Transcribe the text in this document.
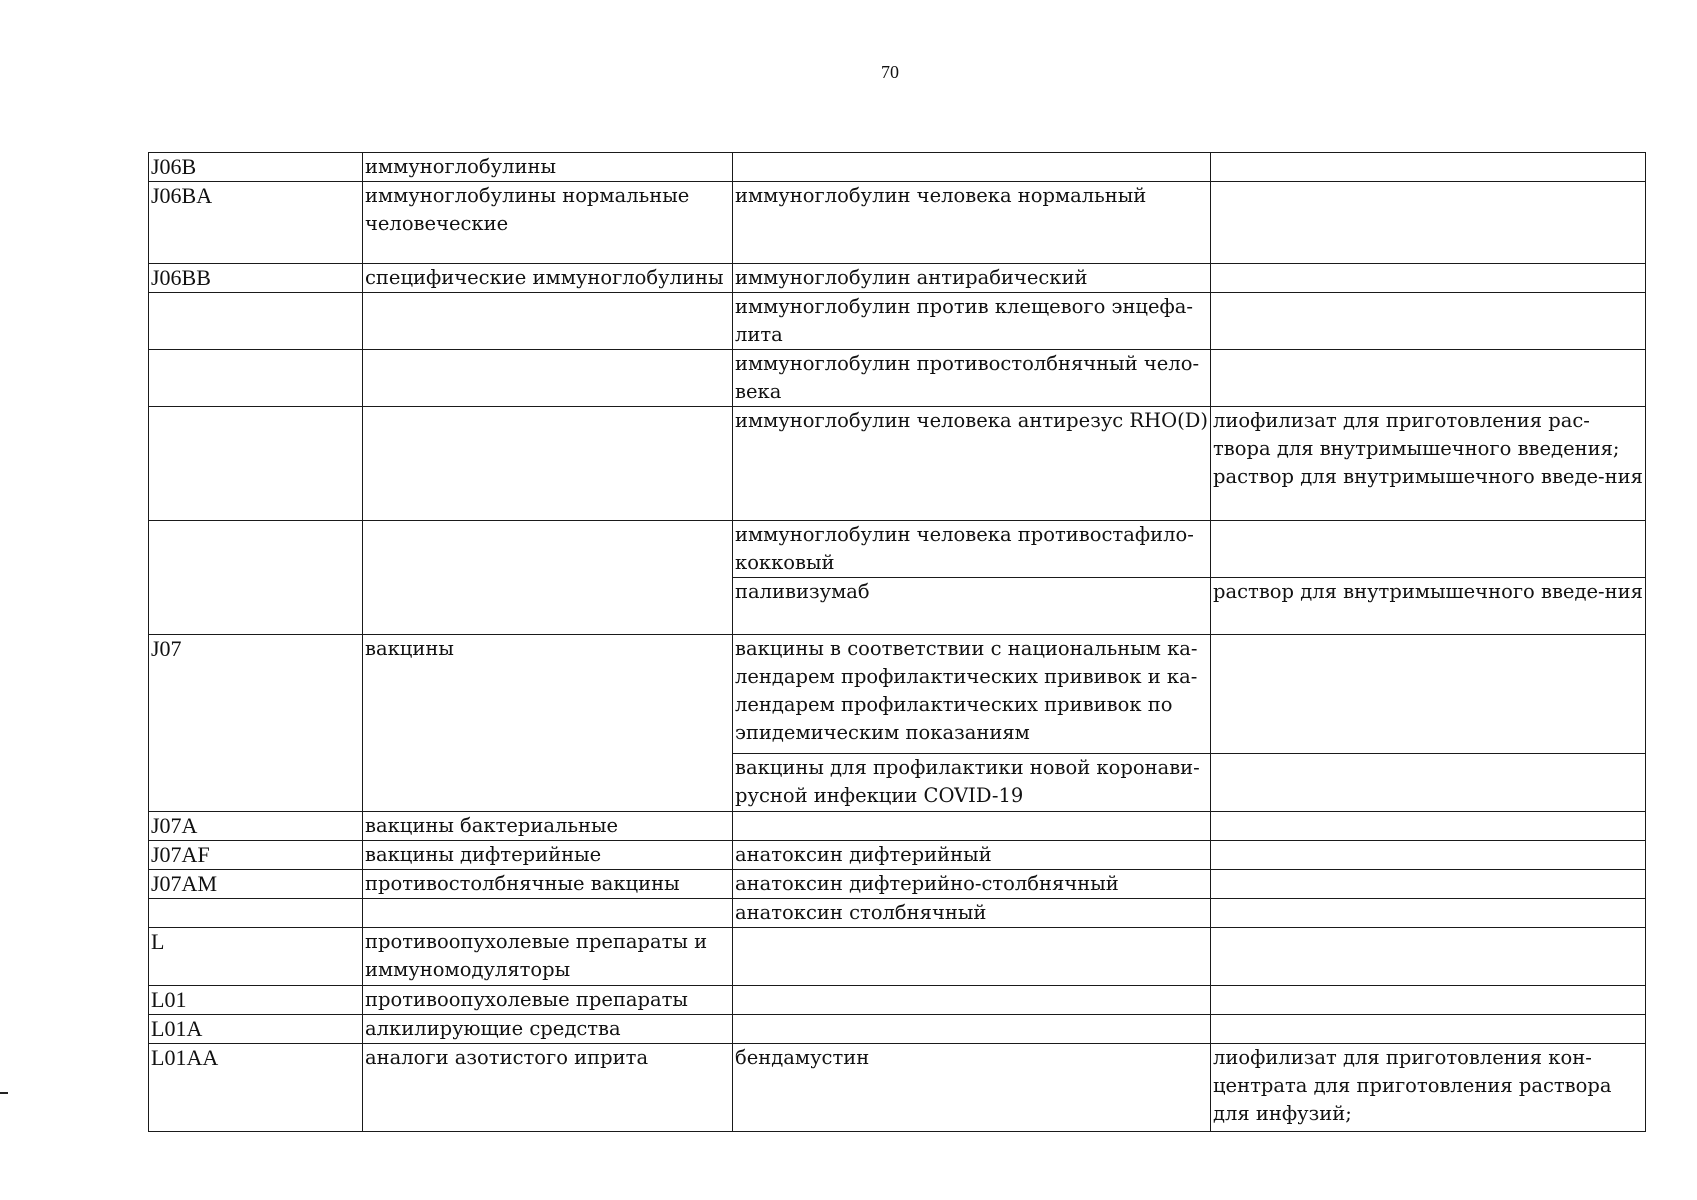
70
J06B	иммуноглобулины		
J06BA	иммуноглобулины нормальные человеческие	иммуноглобулин человека нормальный	
J06BB	специфические иммуноглобулины	иммуноглобулин антирабический	
		иммуноглобулин против клещевого энцефа-лита	
		иммуноглобулин противостолбнячный чело-века	
		иммуноглобулин человека антирезус RHO(D)	лиофилизат для приготовления рас-твора для внутримышечного введения; раствор для внутримышечного введе-ния
		иммуноглобулин человека противостафило-кокковый	
		паливизумаб	раствор для внутримышечного введе-ния
J07	вакцины	вакцины в соответствии с национальным ка-лендарем профилактических прививок и ка-лендарем профилактических прививок по эпидемическим показаниям	
		вакцины для профилактики новой коронави-русной инфекции COVID-19	
J07A	вакцины бактериальные		
J07AF	вакцины дифтерийные	анатоксин дифтерийный	
J07AM	противостолбнячные вакцины	анатоксин дифтерийно-столбнячный	
		анатоксин столбнячный	
L	противоопухолевые препараты и иммуномодуляторы		
L01	противоопухолевые препараты		
L01A	алкилирующие средства		
L01AA	аналоги азотистого иприта	бендамустин	лиофилизат для приготовления кон-центрата для приготовления раствора для инфузий;
